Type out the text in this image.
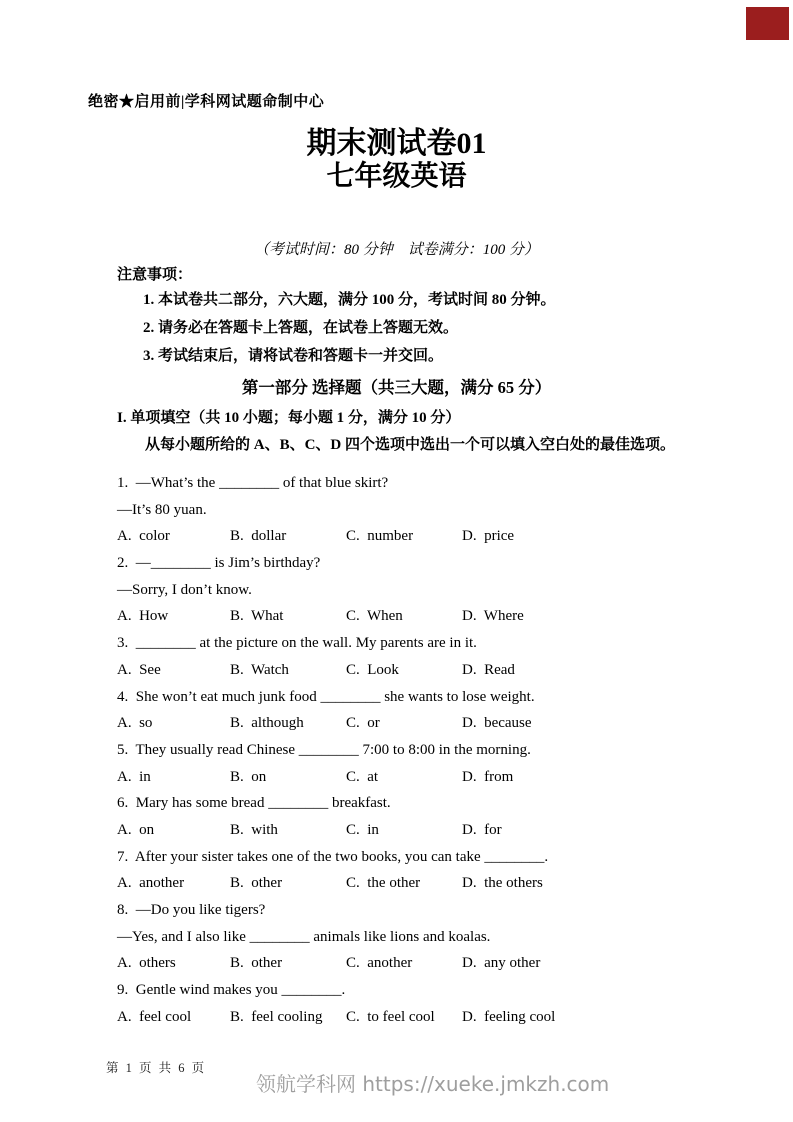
绝密★启用前|学科网试题命制中心
期末测试卷01
七年级英语
（考试时间：80 分钟　试卷满分：100 分）
注意事项：
1. 本试卷共二部分，六大题，满分 100 分，考试时间 80 分钟。
2. 请务必在答题卡上答题，在试卷上答题无效。
3. 考试结束后，请将试卷和答题卡一并交回。
第一部分 选择题（共三大题，满分 65 分）
I. 单项填空（共 10 小题；每小题 1 分，满分 10 分）
从每小题所给的 A、B、C、D 四个选项中选出一个可以填入空白处的最佳选项。
1.  —What’s the ________ of that blue skirt?
—It’s 80 yuan.
A.  color	B.  dollar	C.  number	D.  price
2.  —________ is Jim’s birthday?
—Sorry, I don’t know.
A.  How	B.  What	C.  When	D.  Where
3.  ________ at the picture on the wall. My parents are in it.
A.  See	B.  Watch	C.  Look	D.  Read
4.  She won’t eat much junk food ________ she wants to lose weight.
A.  so	B.  although	C.  or	D.  because
5.  They usually read Chinese ________ 7:00 to 8:00 in the morning.
A.  in	B.  on	C.  at	D.  from
6.  Mary has some bread ________ breakfast.
A.  on	B.  with	C.  in	D.  for
7.  After your sister takes one of the two books, you can take ________.
A.  another	B.  other	C.  the other	D.  the others
8.  —Do you like tigers?
—Yes, and I also like ________ animals like lions and koalas.
A.  others	B.  other	C.  another	D.  any other
9.  Gentle wind makes you ________.
A.  feel cool	B.  feel cooling	C.  to feel cool	D.  feeling cool
第 1 页 共 6 页
领航学科网 https://xueke.jmkzh.com
